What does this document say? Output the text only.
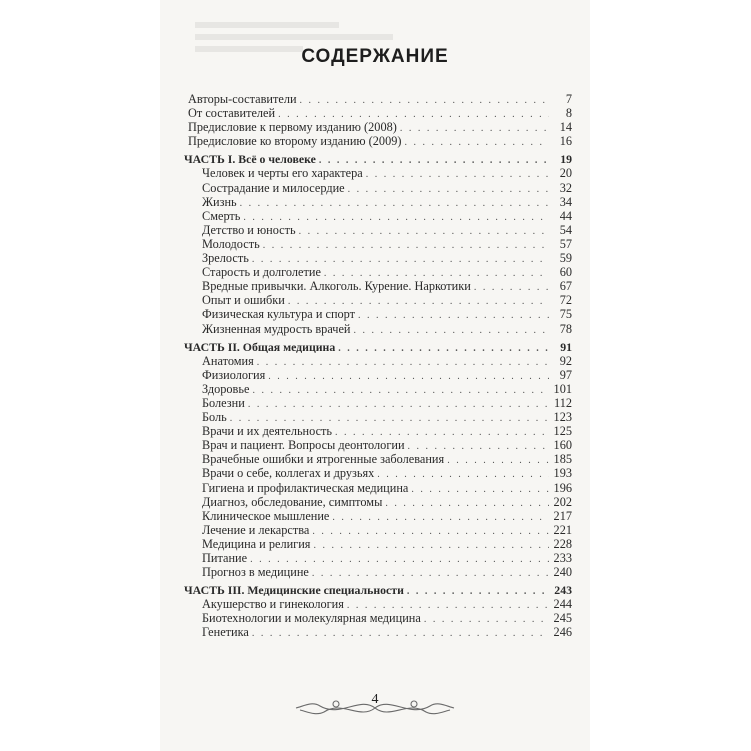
СОДЕРЖАНИЕ
Авторы-составители . . .	7
От составителей . . .	8
Предисловие к первому изданию (2008) . . .	14
Предисловие ко второму изданию (2009) . . .	16
ЧАСТЬ I. Всё о человеке . . .	19
Человек и черты его характера . . .	20
Сострадание и милосердие . . .	32
Жизнь . . .	34
Смерть . . .	44
Детство и юность . . .	54
Молодость . . .	57
Зрелость . . .	59
Старость и долголетие . . .	60
Вредные привычки. Алкоголь. Курение. Наркотики . . .	67
Опыт и ошибки . . .	72
Физическая культура и спорт . . .	75
Жизненная мудрость врачей . . .	78
ЧАСТЬ II. Общая медицина . . .	91
Анатомия . . .	92
Физиология . . .	97
Здоровье . . .	101
Болезни . . .	112
Боль . . .	123
Врачи и их деятельность . . .	125
Врач и пациент. Вопросы деонтологии . . .	160
Врачебные ошибки и ятрогенные заболевания . . .	185
Врачи о себе, коллегах и друзьях . . .	193
Гигиена и профилактическая медицина . . .	196
Диагноз, обследование, симптомы . . .	202
Клиническое мышление . . .	217
Лечение и лекарства . . .	221
Медицина и религия . . .	228
Питание . . .	233
Прогноз в медицине . . .	240
ЧАСТЬ III. Медицинские специальности . . .	243
Акушерство и гинекология . . .	244
Биотехнологии и молекулярная медицина . . .	245
Генетика . . .	246
4
